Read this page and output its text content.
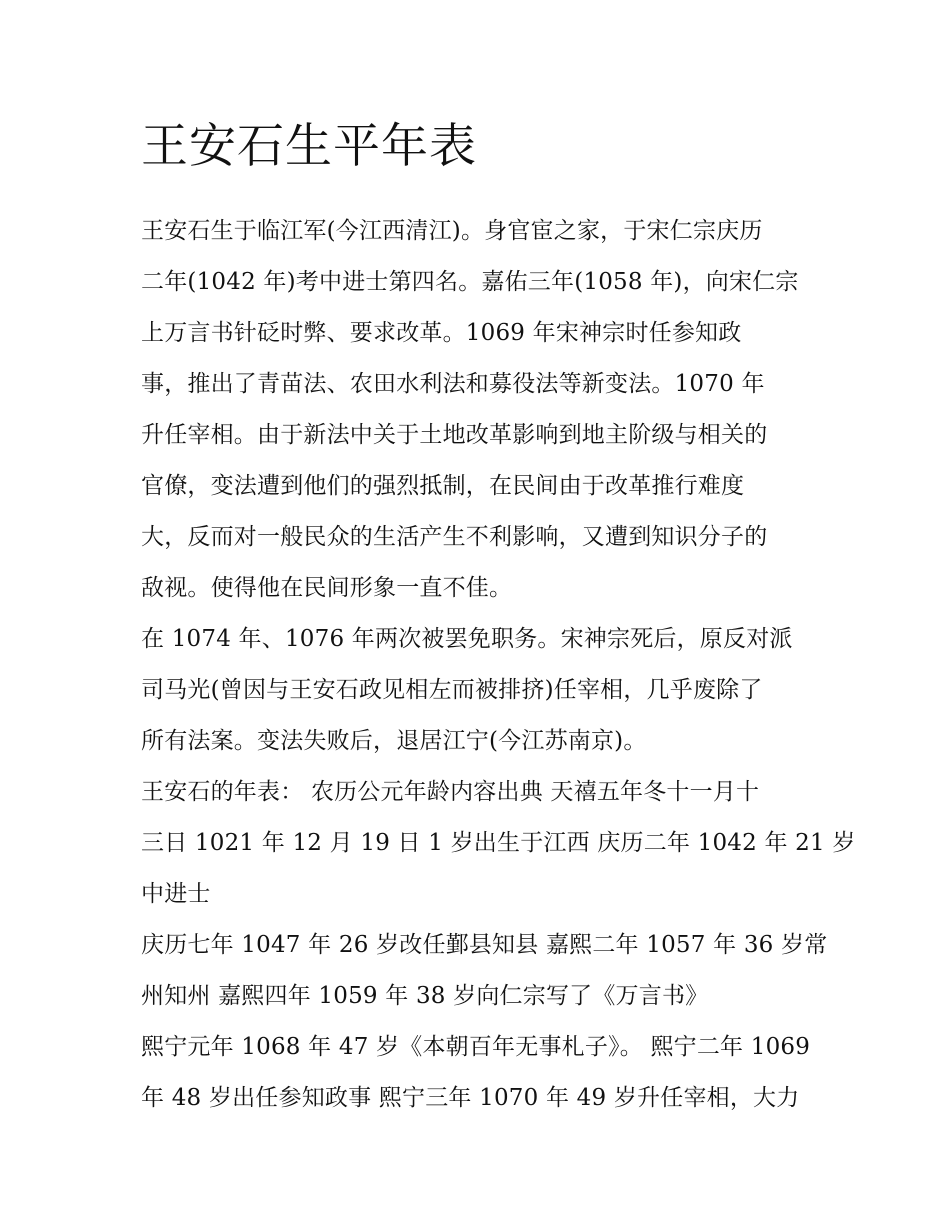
王安石生平年表
王安石生于临江军(今江西清江)。身官宦之家，于宋仁宗庆历
二年(1042 年)考中进士第四名。嘉佑三年(1058 年)，向宋仁宗
上万言书针砭时弊、要求改革。1069 年宋神宗时任参知政
事，推出了青苗法、农田水利法和募役法等新变法。1070 年
升任宰相。由于新法中关于土地改革影响到地主阶级与相关的
官僚，变法遭到他们的强烈抵制，在民间由于改革推行难度
大，反而对一般民众的生活产生不利影响，又遭到知识分子的
敌视。使得他在民间形象一直不佳。
在 1074 年、1076 年两次被罢免职务。宋神宗死后，原反对派
司马光(曾因与王安石政见相左而被排挤)任宰相，几乎废除了
所有法案。变法失败后，退居江宁(今江苏南京)。
王安石的年表： 农历公元年龄内容出典 天禧五年冬十一月十
三日 1021 年 12 月 19 日 1 岁出生于江西 庆历二年 1042 年 21 岁
中进士
庆历七年 1047 年 26 岁改任鄞县知县 嘉熙二年 1057 年 36 岁常
州知州 嘉熙四年 1059 年 38 岁向仁宗写了《万言书》
熙宁元年 1068 年 47 岁《本朝百年无事札子》。 熙宁二年 1069
年 48 岁出任参知政事 熙宁三年 1070 年 49 岁升任宰相，大力
